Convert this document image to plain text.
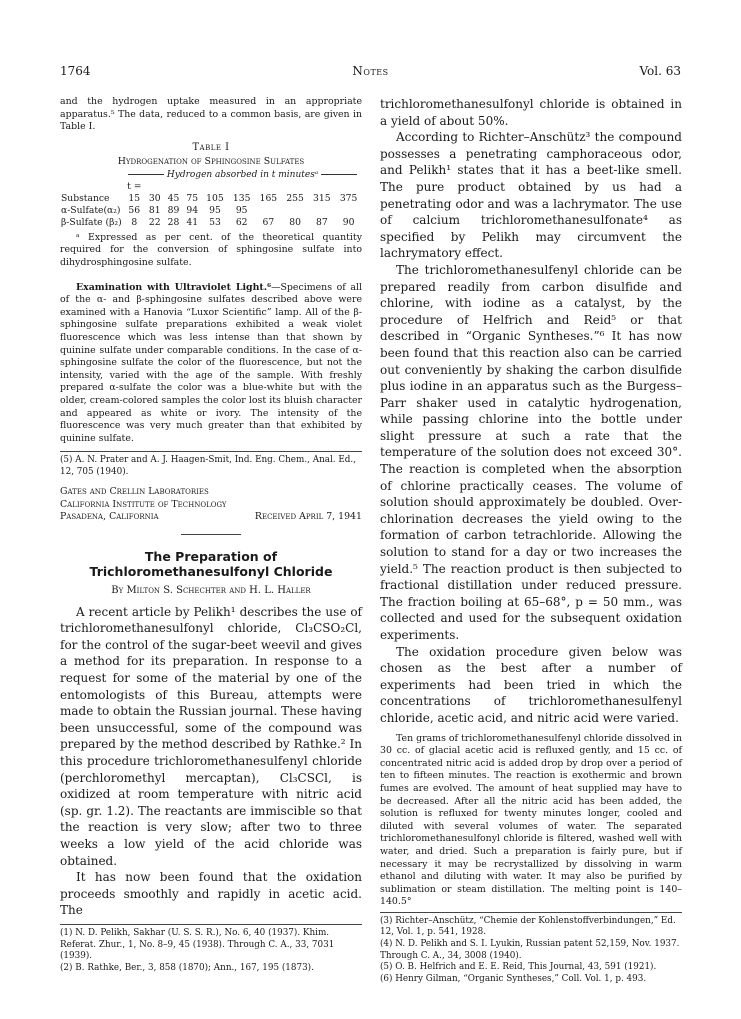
1764	Notes	Vol. 63

and the hydrogen uptake measured in an appropriate apparatus.⁵ The data, reduced to a common basis, are given in Table I.

Table I
Hydrogenation of Sphingosine Sulfates

	Hydrogen absorbed in t minutesᵃ									

	t =									
Substance	15	30	45	75	105	135	165	255	315	375
α-Sulfate(α₂)	56	81	89	94	95	95				
β-Sulfate (β₂)	8	22	28	41	53	62	67	80	87	90

ᵃ Expressed as per cent. of the theoretical quantity required for the conversion of sphingosine sulfate into dihydrosphingosine sulfate.

Examination with Ultraviolet Light.⁶—Specimens of all of the α- and β-sphingosine sulfates described above were examined with a Hanovia “Luxor Scientific” lamp. All of the β-sphingosine sulfate preparations exhibited a weak violet fluorescence which was less intense than that shown by quinine sulfate under comparable conditions. In the case of α-sphingosine sulfate the color of the fluorescence, but not the intensity, varied with the age of the sample. With freshly prepared α-sulfate the color was a blue-white but with the older, cream-colored samples the color lost its bluish character and appeared as white or ivory. The intensity of the fluorescence was very much greater than that exhibited by quinine sulfate.

(5) A. N. Prater and A. J. Haagen-Smit, Ind. Eng. Chem., Anal. Ed., 12, 705 (1940).

Gates and Crellin Laboratories
California Institute of Technology
Pasadena, California	Received April 7, 1941
The Preparation of Trichloromethanesulfonyl Chloride
By Milton S. Schechter and H. L. Haller

A recent article by Pelikh¹ describes the use of trichloromethanesulfonyl chloride, Cl₃CSO₂Cl, for the control of the sugar-beet weevil and gives a method for its preparation. In response to a request for some of the material by one of the entomologists of this Bureau, attempts were made to obtain the Russian journal. These having been unsuccessful, some of the compound was prepared by the method described by Rathke.² In this procedure trichloromethanesulfenyl chloride (perchloromethyl mercaptan), Cl₃CSCl, is oxidized at room temperature with nitric acid (sp. gr. 1.2). The reactants are immiscible so that the reaction is very slow; after two to three weeks a low yield of the acid chloride was obtained.

It has now been found that the oxidation proceeds smoothly and rapidly in acetic acid. The

(1) N. D. Pelikh, Sakhar (U. S. S. R.), No. 6, 40 (1937). Khim. Referat. Zhur., 1, No. 8–9, 45 (1938). Through C. A., 33, 7031 (1939).

(2) B. Rathke, Ber., 3, 858 (1870); Ann., 167, 195 (1873).

trichloromethanesulfonyl chloride is obtained in a yield of about 50%.

According to Richter–Anschütz³ the compound possesses a penetrating camphoraceous odor, and Pelikh¹ states that it has a beet-like smell. The pure product obtained by us had a penetrating odor and was a lachrymator. The use of calcium trichloromethanesulfonate⁴ as specified by Pelikh may circumvent the lachrymatory effect.

The trichloromethanesulfenyl chloride can be prepared readily from carbon disulfide and chlorine, with iodine as a catalyst, by the procedure of Helfrich and Reid⁵ or that described in “Organic Syntheses.”⁶ It has now been found that this reaction also can be carried out conveniently by shaking the carbon disulfide plus iodine in an apparatus such as the Burgess–Parr shaker used in catalytic hydrogenation, while passing chlorine into the bottle under slight pressure at such a rate that the temperature of the solution does not exceed 30°. The reaction is completed when the absorption of chlorine practically ceases. The volume of solution should approximately be doubled. Over-chlorination decreases the yield owing to the formation of carbon tetrachloride. Allowing the solution to stand for a day or two increases the yield.⁵ The reaction product is then subjected to fractional distillation under reduced pressure. The fraction boiling at 65–68°, p = 50 mm., was collected and used for the subsequent oxidation experiments.

The oxidation procedure given below was chosen as the best after a number of experiments had been tried in which the concentrations of trichloromethanesulfenyl chloride, acetic acid, and nitric acid were varied.

Ten grams of trichloromethanesulfenyl chloride dissolved in 30 cc. of glacial acetic acid is refluxed gently, and 15 cc. of concentrated nitric acid is added drop by drop over a period of ten to fifteen minutes. The reaction is exothermic and brown fumes are evolved. The amount of heat supplied may have to be decreased. After all the nitric acid has been added, the solution is refluxed for twenty minutes longer, cooled and diluted with several volumes of water. The separated trichloromethanesulfonyl chloride is filtered, washed well with water, and dried. Such a preparation is fairly pure, but if necessary it may be recrystallized by dissolving in warm ethanol and diluting with water. It may also be purified by sublimation or steam distillation. The melting point is 140–140.5°

(3) Richter–Anschütz, “Chemie der Kohlenstoffverbindungen,” Ed. 12, Vol. 1, p. 541, 1928.

(4) N. D. Pelikh and S. I. Lyukin, Russian patent 52,159, Nov. 1937. Through C. A., 34, 3008 (1940).

(5) O. B. Helfrich and E. E. Reid, This Journal, 43, 591 (1921).

(6) Henry Gilman, “Organic Syntheses,” Coll. Vol. 1, p. 493.
